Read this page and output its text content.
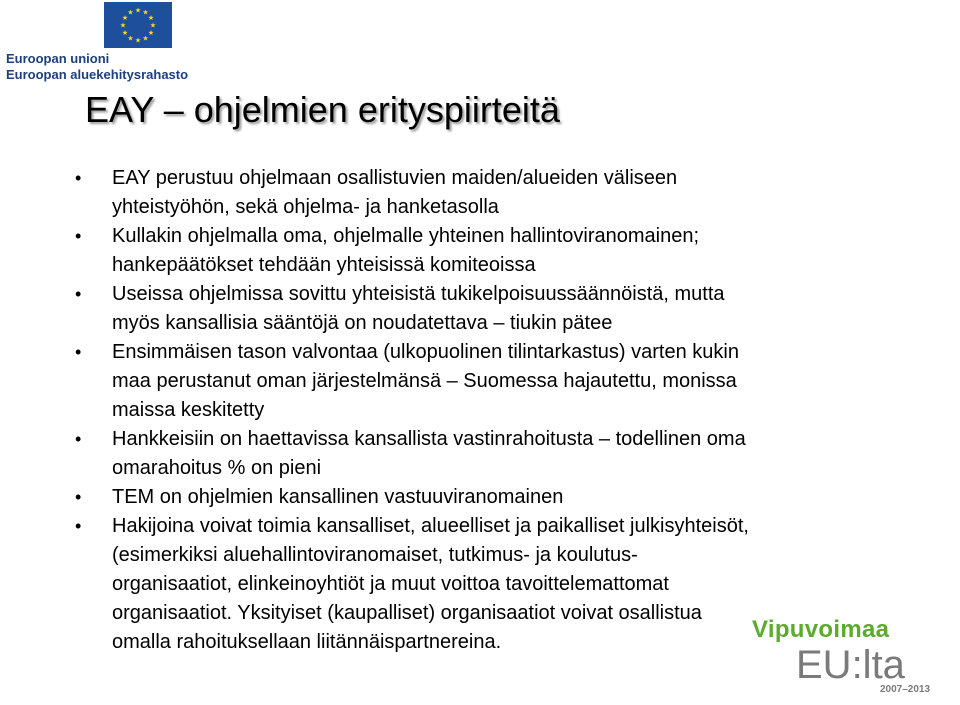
★ ★
★
★
★
★
★
★
★
★
★
★
Euroopan unioni
Euroopan aluekehitysrahasto
EAY – ohjelmien erityspiirteitä
• EAY perustuu ohjelmaan osallistuvien maiden/alueiden väliseen
yhteistyöhön, sekä ohjelma- ja hanketasolla
• Kullakin ohjelmalla oma, ohjelmalle yhteinen hallintoviranomainen;
hankepäätökset tehdään yhteisissä komiteoissa
• Useissa ohjelmissa sovittu yhteisistä tukikelpoisuussäännöistä, mutta
myös kansallisia sääntöjä on noudatettava – tiukin pätee
• Ensimmäisen tason valvontaa (ulkopuolinen tilintarkastus) varten kukin
maa perustanut oman järjestelmänsä – Suomessa hajautettu, monissa
maissa keskitetty
• Hankkeisiin on haettavissa kansallista vastinrahoitusta – todellinen oma
omarahoitus % on pieni
• TEM on ohjelmien kansallinen vastuuviranomainen
• Hakijoina voivat toimia kansalliset, alueelliset ja paikalliset julkisyhteisöt,
(esimerkiksi aluehallintoviranomaiset, tutkimus- ja koulutus-
organisaatiot, elinkeinoyhtiöt ja muut voittoa tavoittelemattomat
organisaatiot. Yksityiset (kaupalliset) organisaatiot voivat osallistua
omalla rahoituksellaan liitännäispartnereina.	Vipuvoimaa
EU:lta
2007–2013
